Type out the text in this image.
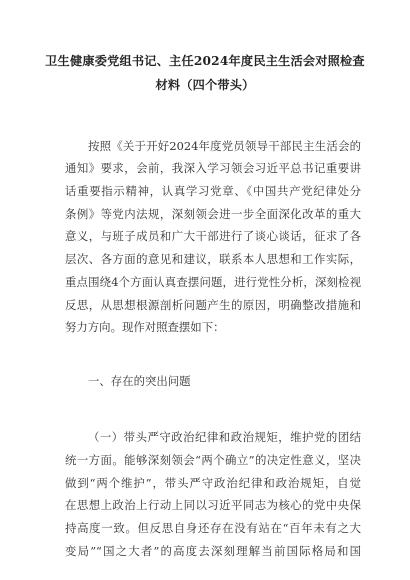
卫生健康委党组书记、主任2024年度民主生活会对照检查
材料（四个带头）
按照《关于开好2024年度党员领导干部民主生活会的
通知》要求，会前，我深入学习领会习近平总书记重要讲
话重要指示精神，认真学习党章、《中国共产党纪律处分
条例》等党内法规，深刻领会进一步全面深化改革的重大
意义，与班子成员和广大干部进行了谈心谈话，征求了各
层次、各方面的意见和建议，联系本人思想和工作实际，
重点围绕4个方面认真查摆问题，进行党性分析，深刻检视
反思，从思想根源剖析问题产生的原因，明确整改措施和
努力方向。现作对照查摆如下：
一、存在的突出问题
（一）带头严守政治纪律和政治规矩，维护党的团结
统一方面。能够深刻领会“两个确立”的决定性意义，坚决
做到“两个维护”，带头严守政治纪律和政治规矩，自觉
在思想上政治上行动上同以习近平同志为核心的党中央保
持高度一致。但反思自身还存在没有站在“百年未有之大
变局”“国之大者”的高度去深刻理解当前国际格局和国
